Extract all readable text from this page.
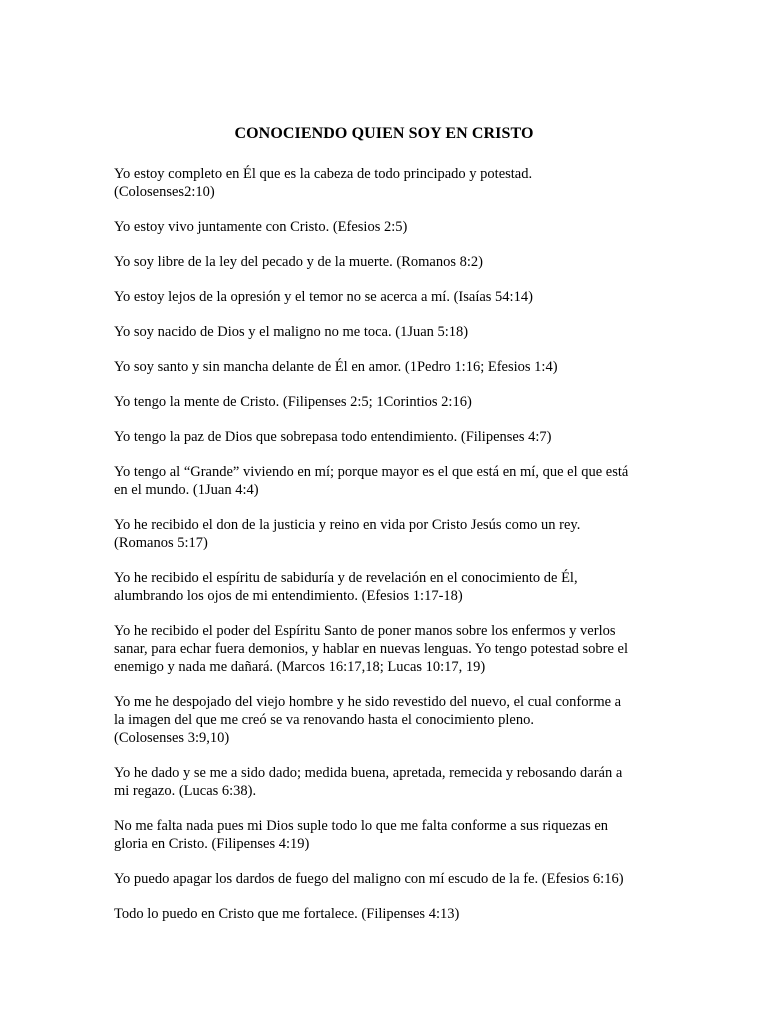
CONOCIENDO QUIEN SOY EN CRISTO
Yo estoy completo en Él que es la cabeza de todo principado y potestad.
(Colosenses2:10)
Yo estoy vivo juntamente con Cristo. (Efesios 2:5)
Yo soy libre de la ley del pecado y de la muerte. (Romanos 8:2)
Yo estoy lejos de la opresión y el temor no se acerca a mí. (Isaías 54:14)
Yo soy nacido de Dios y el maligno no me toca. (1Juan 5:18)
Yo soy santo y sin mancha delante de Él en amor. (1Pedro 1:16; Efesios 1:4)
Yo tengo la mente de Cristo. (Filipenses 2:5; 1Corintios 2:16)
Yo tengo la paz de Dios que sobrepasa todo entendimiento. (Filipenses 4:7)
Yo tengo al “Grande” viviendo en mí; porque mayor es el que está en mí, que el que está
en el mundo. (1Juan 4:4)
Yo he recibido el don de la justicia y reino en vida por Cristo Jesús como un rey.
(Romanos 5:17)
Yo he recibido el espíritu de sabiduría y de revelación en el conocimiento de Él,
alumbrando los ojos de mi entendimiento. (Efesios 1:17-18)
Yo he recibido el poder del Espíritu Santo de poner manos sobre los enfermos y verlos
sanar, para echar fuera demonios, y hablar en nuevas lenguas. Yo tengo potestad sobre el
enemigo y nada me dañará. (Marcos 16:17,18; Lucas 10:17, 19)
Yo me he despojado del viejo hombre y he sido revestido del nuevo, el cual conforme a
la imagen del que me creó se va renovando hasta el conocimiento pleno.
(Colosenses 3:9,10)
Yo he dado y se me a sido dado; medida buena, apretada, remecida y rebosando darán a
mi regazo. (Lucas 6:38).
No me falta nada pues mi Dios suple todo lo que me falta conforme a sus riquezas en
gloria en Cristo. (Filipenses 4:19)
Yo puedo apagar los dardos de fuego del maligno con mí escudo de la fe. (Efesios 6:16)
Todo lo puedo en Cristo que me fortalece. (Filipenses 4:13)
